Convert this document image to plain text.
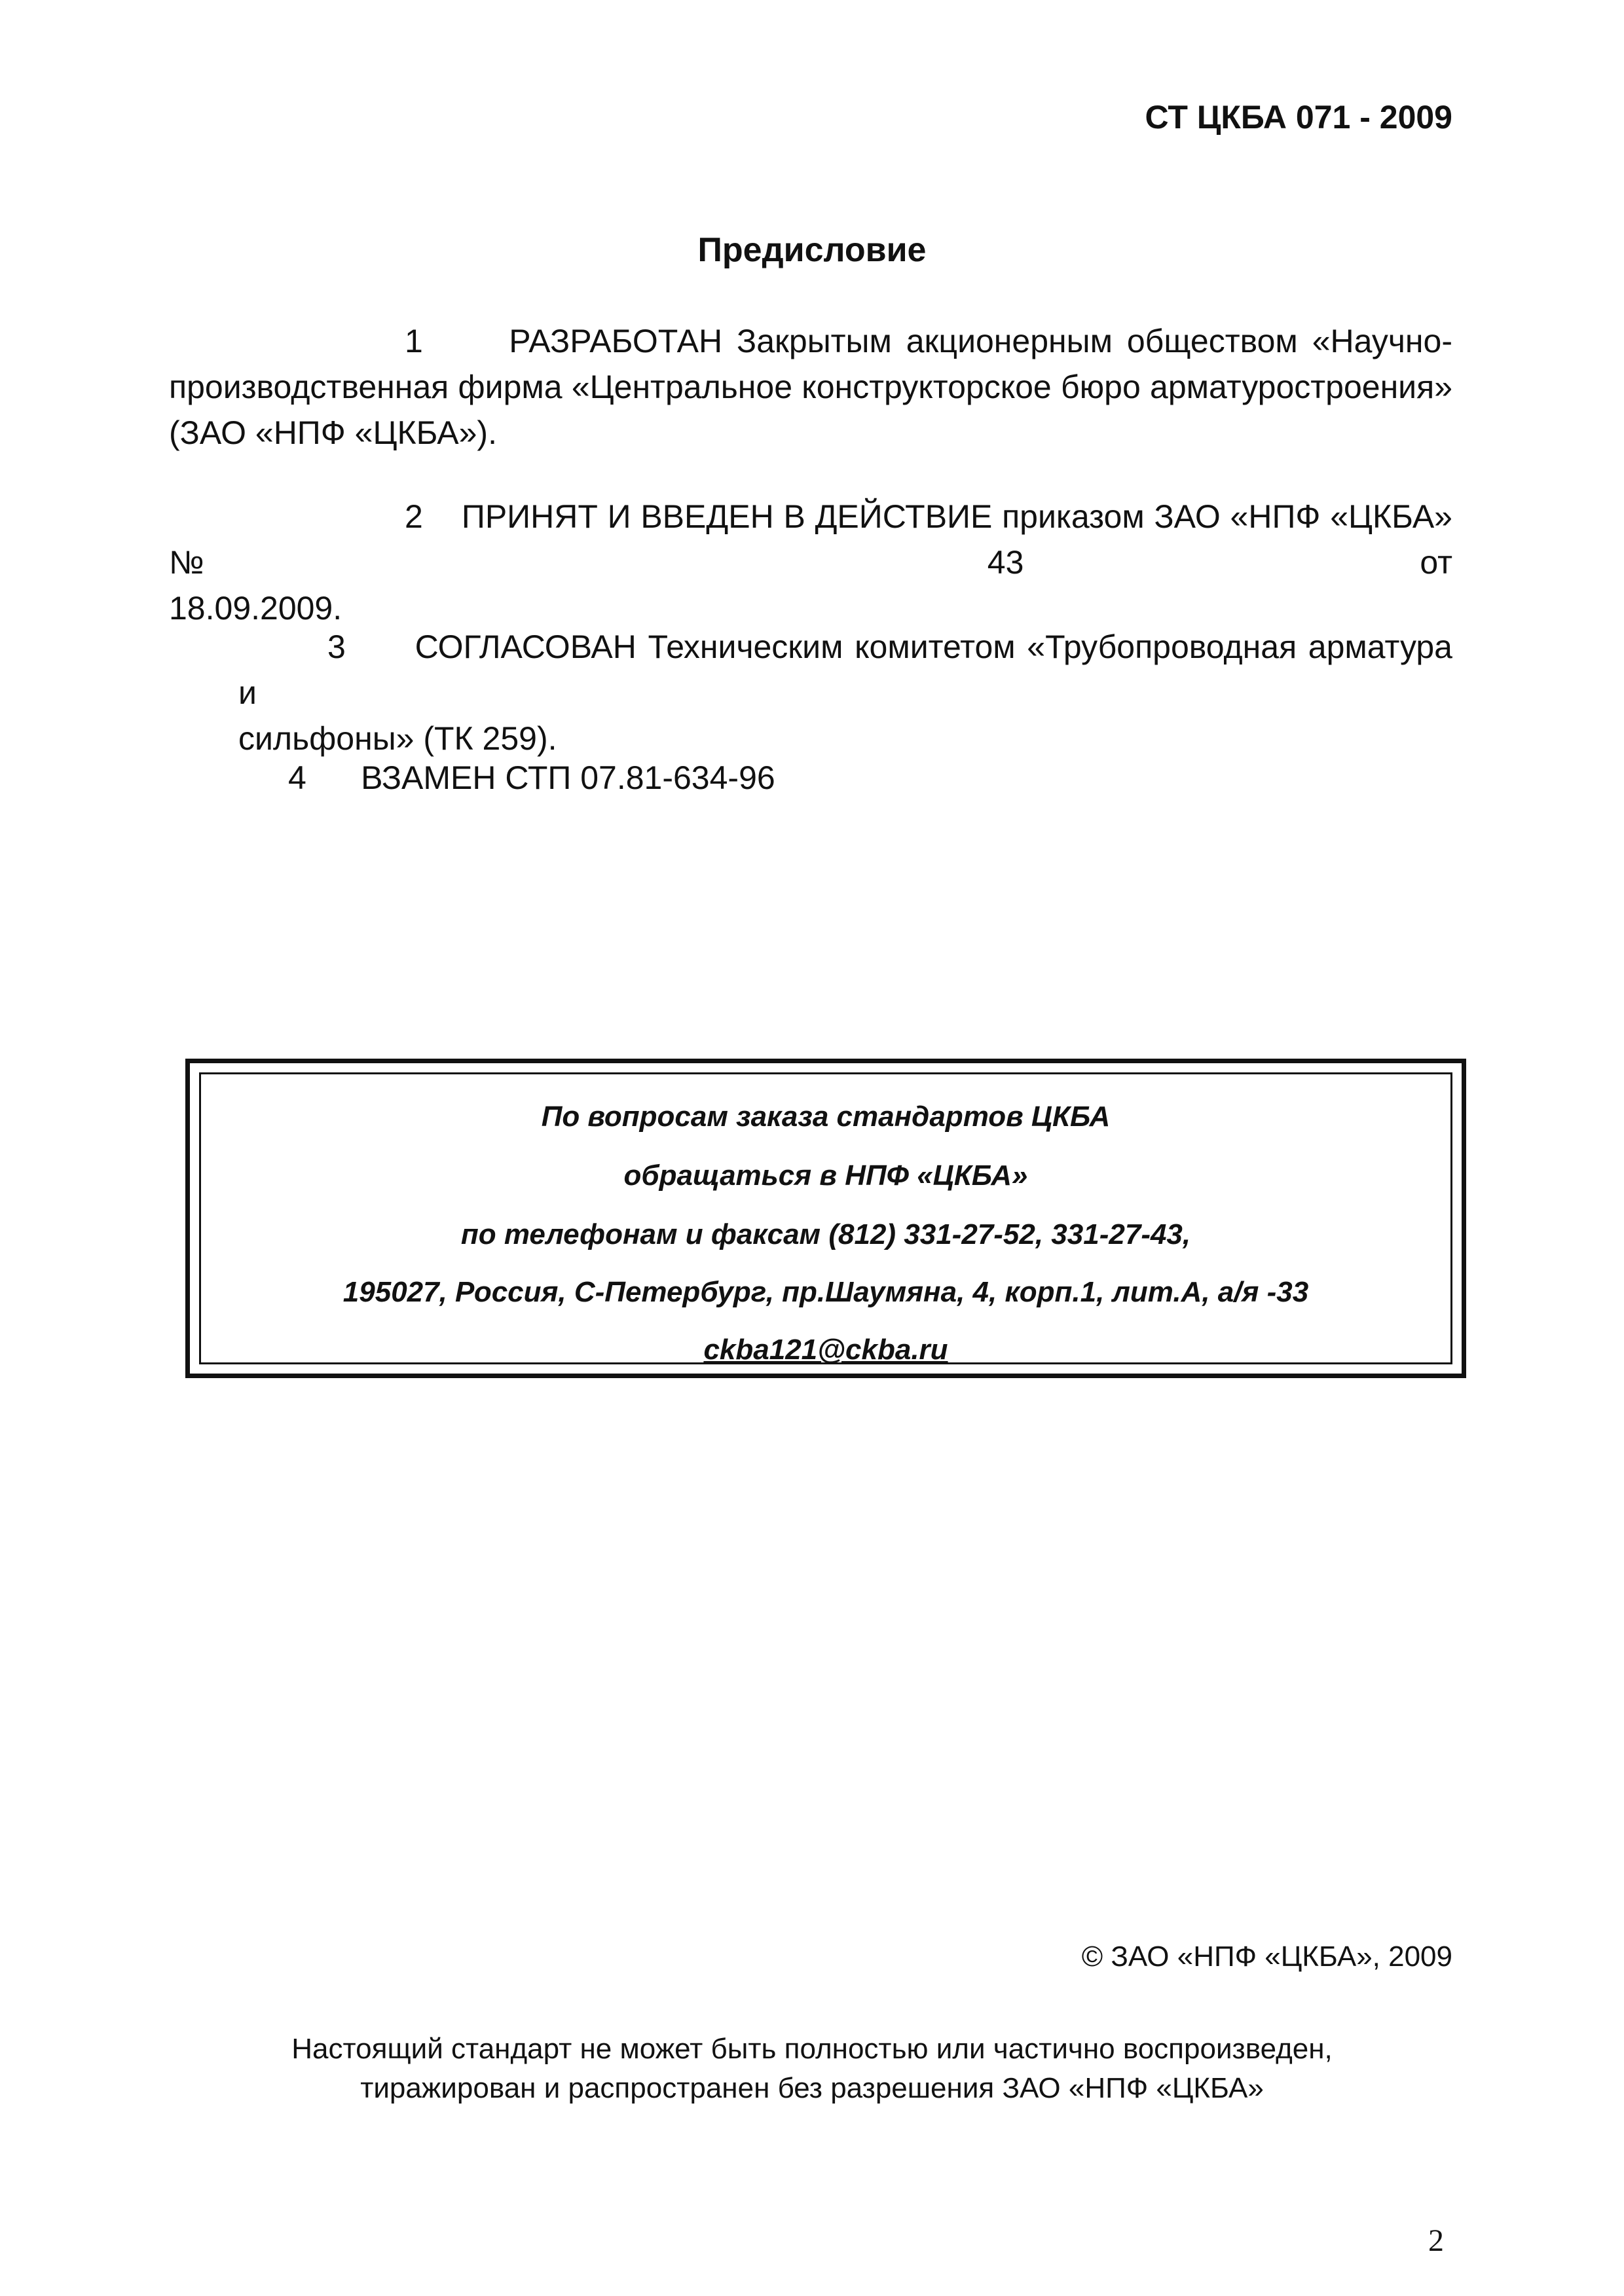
СТ ЦКБА 071 - 2009
Предисловие
1	РАЗРАБОТАН Закрытым акционерным обществом «Научно-
производственная фирма «Центральное конструкторское бюро арматуростроения»
(ЗАО «НПФ «ЦКБА»).
2 ПРИНЯТ И ВВЕДЕН В ДЕЙСТВИЕ приказом ЗАО «НПФ «ЦКБА» № 43 от
18.09.2009.
3 СОГЛАСОВАН Техническим комитетом «Трубопроводная арматура и
сильфоны» (ТК 259).
4 ВЗАМЕН СТП 07.81-634-96
По вопросам заказа стандартов ЦКБА
обращаться в НПФ «ЦКБА»
по телефонам и факсам (812) 331-27-52, 331-27-43,
195027, Россия, С-Петербург, пр.Шаумяна, 4, корп.1, лит.А, а/я -33
ckba121@ckba.ru
© ЗАО «НПФ «ЦКБА», 2009
Настоящий стандарт не может быть полностью или частично воспроизведен,
тиражирован и распространен без разрешения ЗАО «НПФ «ЦКБА»
2
